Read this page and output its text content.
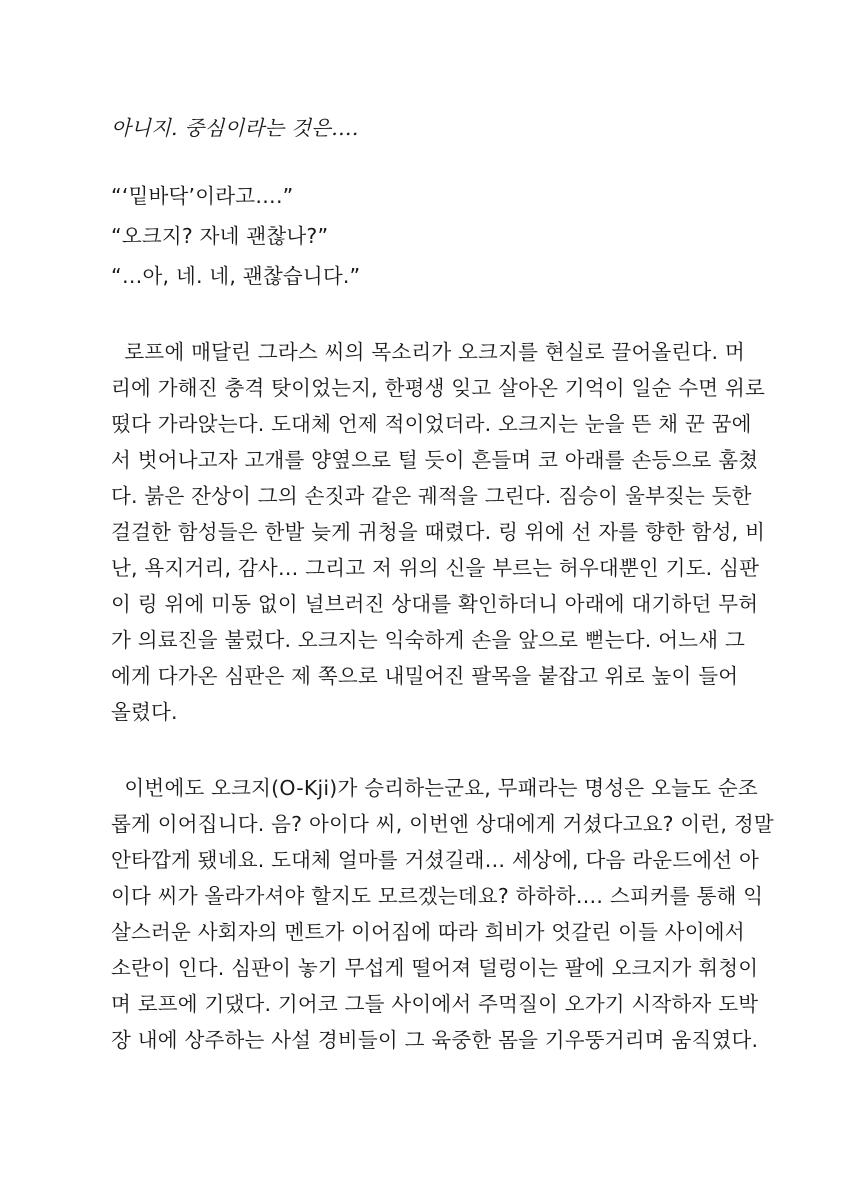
아니지. 중심이라는 것은….
“‘밑바닥’이라고….”
“오크지? 자네 괜찮나?”
“…아, 네. 네, 괜찮습니다.”
로프에 매달린 그라스 씨의 목소리가 오크지를 현실로 끌어올린다. 머
리에 가해진 충격 탓이었는지, 한평생 잊고 살아온 기억이 일순 수면 위로
떴다 가라앉는다. 도대체 언제 적이었더라. 오크지는 눈을 뜬 채 꾼 꿈에
서 벗어나고자 고개를 양옆으로 털 듯이 흔들며 코 아래를 손등으로 훔쳤
다. 붉은 잔상이 그의 손짓과 같은 궤적을 그린다. 짐승이 울부짖는 듯한
걸걸한 함성들은 한발 늦게 귀청을 때렸다. 링 위에 선 자를 향한 함성, 비
난, 욕지거리, 감사… 그리고 저 위의 신을 부르는 허우대뿐인 기도. 심판
이 링 위에 미동 없이 널브러진 상대를 확인하더니 아래에 대기하던 무허
가 의료진을 불렀다. 오크지는 익숙하게 손을 앞으로 뻗는다. 어느새 그
에게 다가온 심판은 제 쪽으로 내밀어진 팔목을 붙잡고 위로 높이 들어
올렸다.
이번에도 오크지(O-Kji)가 승리하는군요, 무패라는 명성은 오늘도 순조
롭게 이어집니다. 음? 아이다 씨, 이번엔 상대에게 거셨다고요? 이런, 정말
안타깝게 됐네요. 도대체 얼마를 거셨길래… 세상에, 다음 라운드에선 아
이다 씨가 올라가셔야 할지도 모르겠는데요? 하하하…. 스피커를 통해 익
살스러운 사회자의 멘트가 이어짐에 따라 희비가 엇갈린 이들 사이에서
소란이 인다. 심판이 놓기 무섭게 떨어져 덜렁이는 팔에 오크지가 휘청이
며 로프에 기댔다. 기어코 그들 사이에서 주먹질이 오가기 시작하자 도박
장 내에 상주하는 사설 경비들이 그 육중한 몸을 기우뚱거리며 움직였다.
